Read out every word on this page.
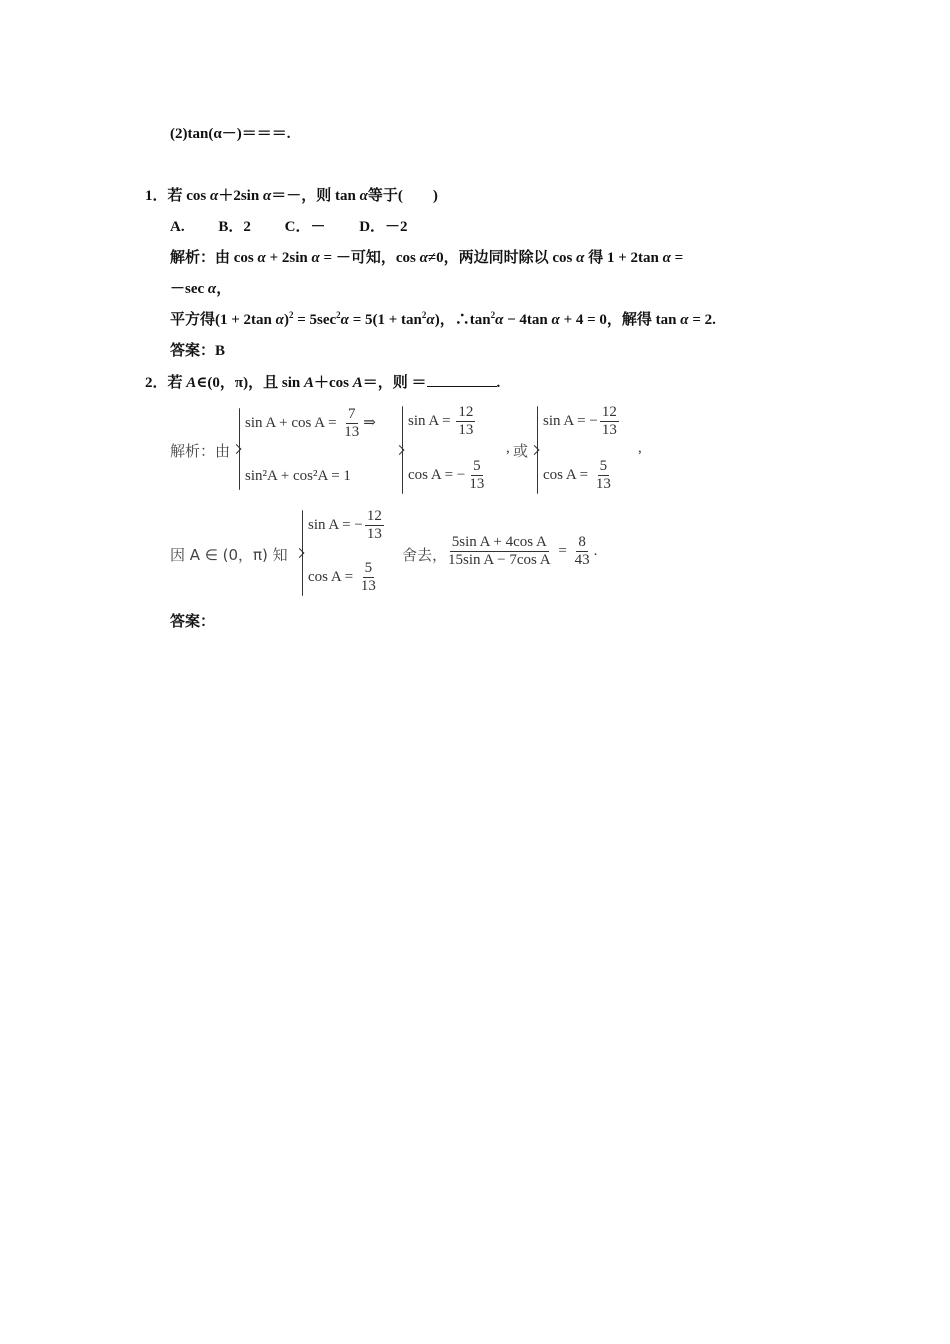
(2)tan(α－)＝＝＝.
1．若 cos α＋2sin α＝－，则 tan α等于(　　)
A. B．2 C．－ D．－2
解析：由 cos α + 2sin α = －可知，cos α≠0，两边同时除以 cos α 得 1 + 2tan α =
－sec α，
平方得(1 + 2tan $\alpha)^2 = 5\sec^2\alpha = 5(1 + \tan^2\alpha)$，$\therefore\tan^2\alpha - 4\tan$ α + 4 = 0，解得 tan α = 2.
答案：B
2．若 A∈(0，π)，且 sin A＋cos A＝，则 ＝	.
解析：由
$\sin A + \cos A = \frac{7}{13}$ ⇒
sin²A + cos²A = 1
$\sin A = \frac{12}{13}$
cos A = − $\frac{5}{13}$
, 或
sin A = − $\frac{12}{13}$
$\cos A = \frac{5}{13}$
,
因 A ∈ (0，π) 知
sin A = − $\frac{12}{13}$
$\cos A = \frac{5}{13}$
舍去，
$\frac{\text{5sin A + 4cos A}}{\text{15sin A − 7cos A}} = \frac{8}{43}$ .
答案：
